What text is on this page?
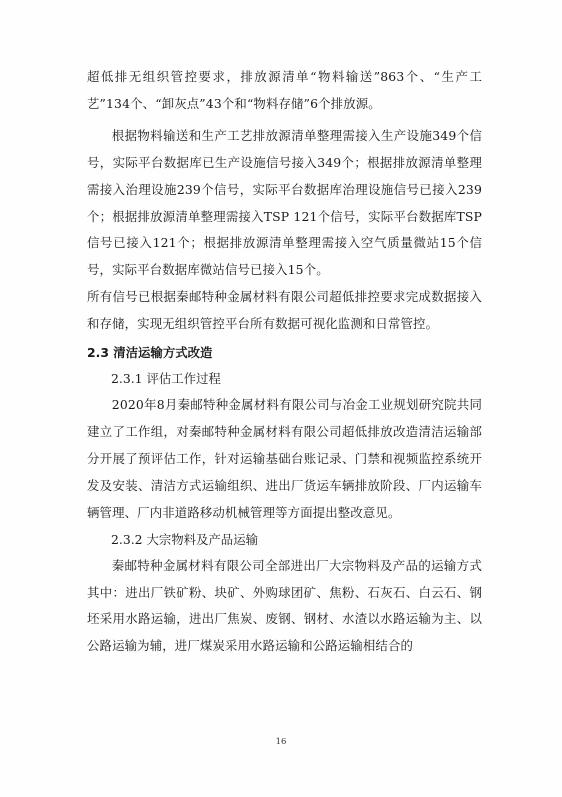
超低排无组织管控要求，排放源清单“物料输送”863个、“生产工艺”134个、“卸灰点”43个和“物料存储”6个排放源。

根据物料输送和生产工艺排放源清单整理需接入生产设施349个信号，实际平台数据库已生产设施信号接入349个；根据排放源清单整理需接入治理设施239个信号，实际平台数据库治理设施信号已接入239个；根据排放源清单整理需接入TSP 121个信号，实际平台数据库TSP信号已接入121个；根据排放源清单整理需接入空气质量微站15个信号，实际平台数据库微站信号已接入15个。

所有信号已根据秦邮特种金属材料有限公司超低排控要求完成数据接入和存储，实现无组织管控平台所有数据可视化监测和日常管控。

2.3 清洁运输方式改造
2.3.1 评估工作过程

2020年8月秦邮特种金属材料有限公司与冶金工业规划研究院共同建立了工作组，对秦邮特种金属材料有限公司超低排放改造清洁运输部分开展了预评估工作，针对运输基础台账记录、门禁和视频监控系统开发及安装、清洁方式运输组织、进出厂货运车辆排放阶段、厂内运输车辆管理、厂内非道路移动机械管理等方面提出整改意见。

2.3.2 大宗物料及产品运输

秦邮特种金属材料有限公司全部进出厂大宗物料及产品的运输方式其中：进出厂铁矿粉、块矿、外购球团矿、焦粉、石灰石、白云石、钢坯采用水路运输，进出厂焦炭、废钢、钢材、水渣以水路运输为主、以公路运输为辅，进厂煤炭采用水路运输和公路运输相结合的

16
